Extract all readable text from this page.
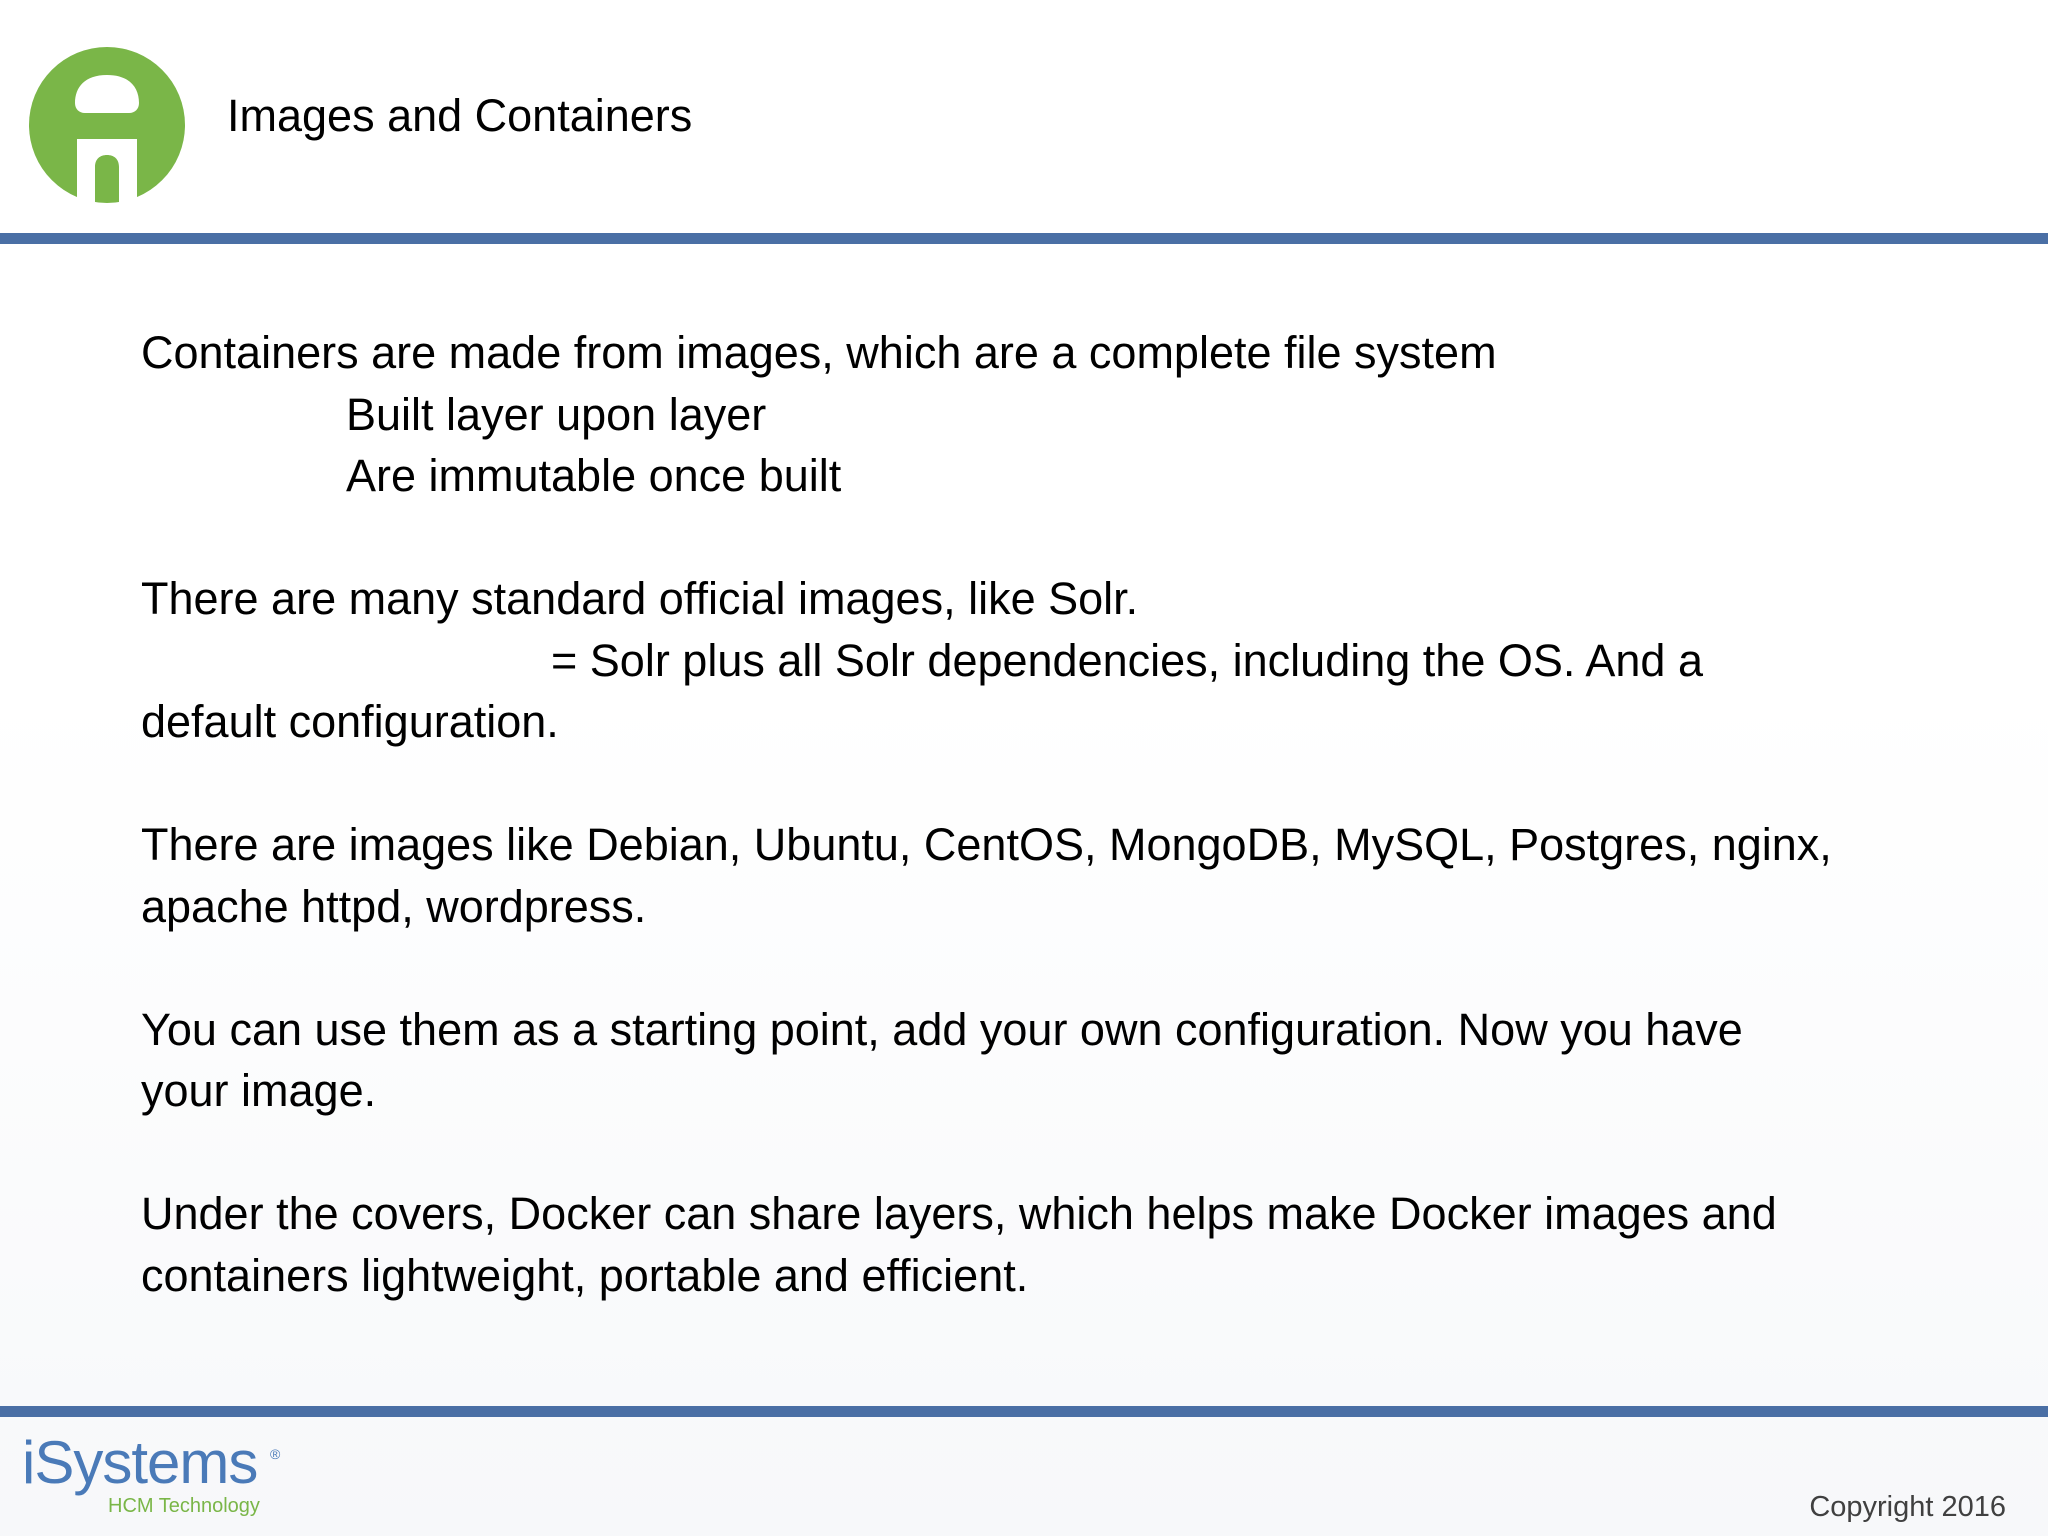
Images and Containers
Containers are made from images, which are a complete file system
Built layer upon layer
Are immutable once built
There are many standard official images, like Solr.
= Solr plus all Solr dependencies, including the OS. And a
default configuration.
There are images like Debian, Ubuntu, CentOS, MongoDB, MySQL, Postgres, nginx,
apache httpd, wordpress.
You can use them as a starting point, add your own configuration. Now you have
your image.
Under the covers, Docker can share layers, which helps make Docker images and
containers lightweight, portable and efficient.
iSystems ®
HCM Technology	Copyright 2016
